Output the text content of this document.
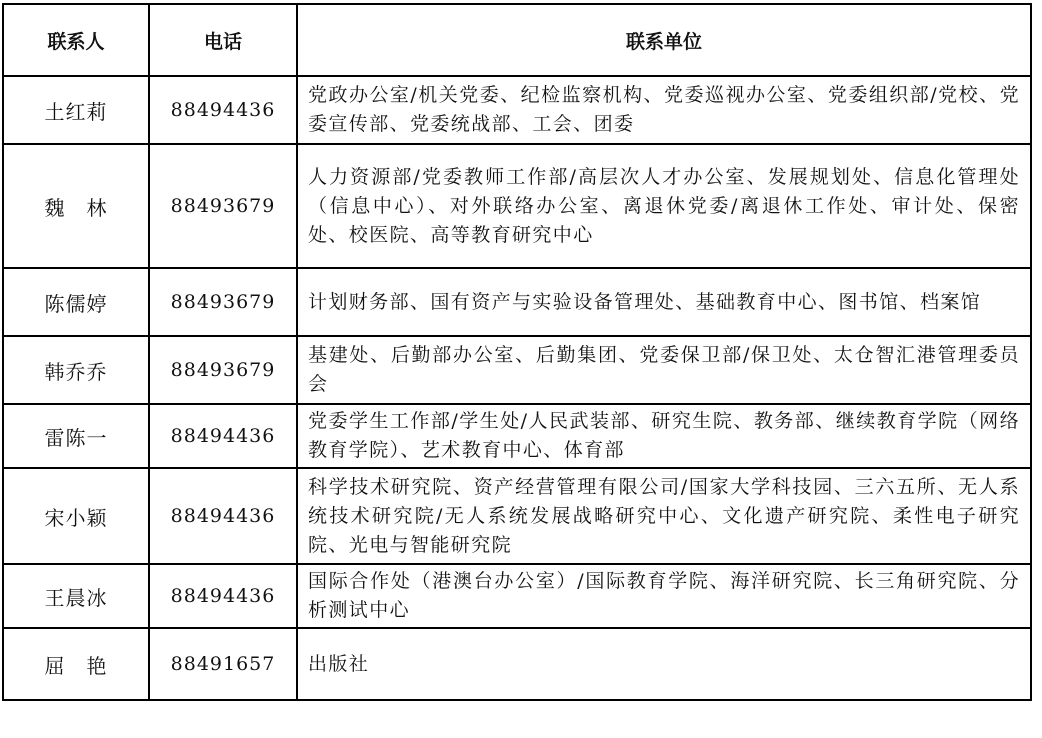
联系人	电话	联系单位
土红莉	88494436	党政办公室/机关党委、纪检监察机构、党委巡视办公室、党委组织部/党校、党委宣传部、党委统战部、工会、团委
魏　林	88493679	人力资源部/党委教师工作部/高层次人才办公室、发展规划处、信息化管理处（信息中心）、对外联络办公室、离退休党委/离退休工作处、审计处、保密处、校医院、高等教育研究中心
陈儒婷	88493679	计划财务部、国有资产与实验设备管理处、基础教育中心、图书馆、档案馆
韩乔乔	88493679	基建处、后勤部办公室、后勤集团、党委保卫部/保卫处、太仓智汇港管理委员会
雷陈一	88494436	党委学生工作部/学生处/人民武装部、研究生院、教务部、继续教育学院（网络教育学院）、艺术教育中心、体育部
宋小颖	88494436	科学技术研究院、资产经营管理有限公司/国家大学科技园、三六五所、无人系统技术研究院/无人系统发展战略研究中心、文化遗产研究院、柔性电子研究院、光电与智能研究院
王晨冰	88494436	国际合作处（港澳台办公室）/国际教育学院、海洋研究院、长三角研究院、分析测试中心
屈　艳	88491657	出版社
